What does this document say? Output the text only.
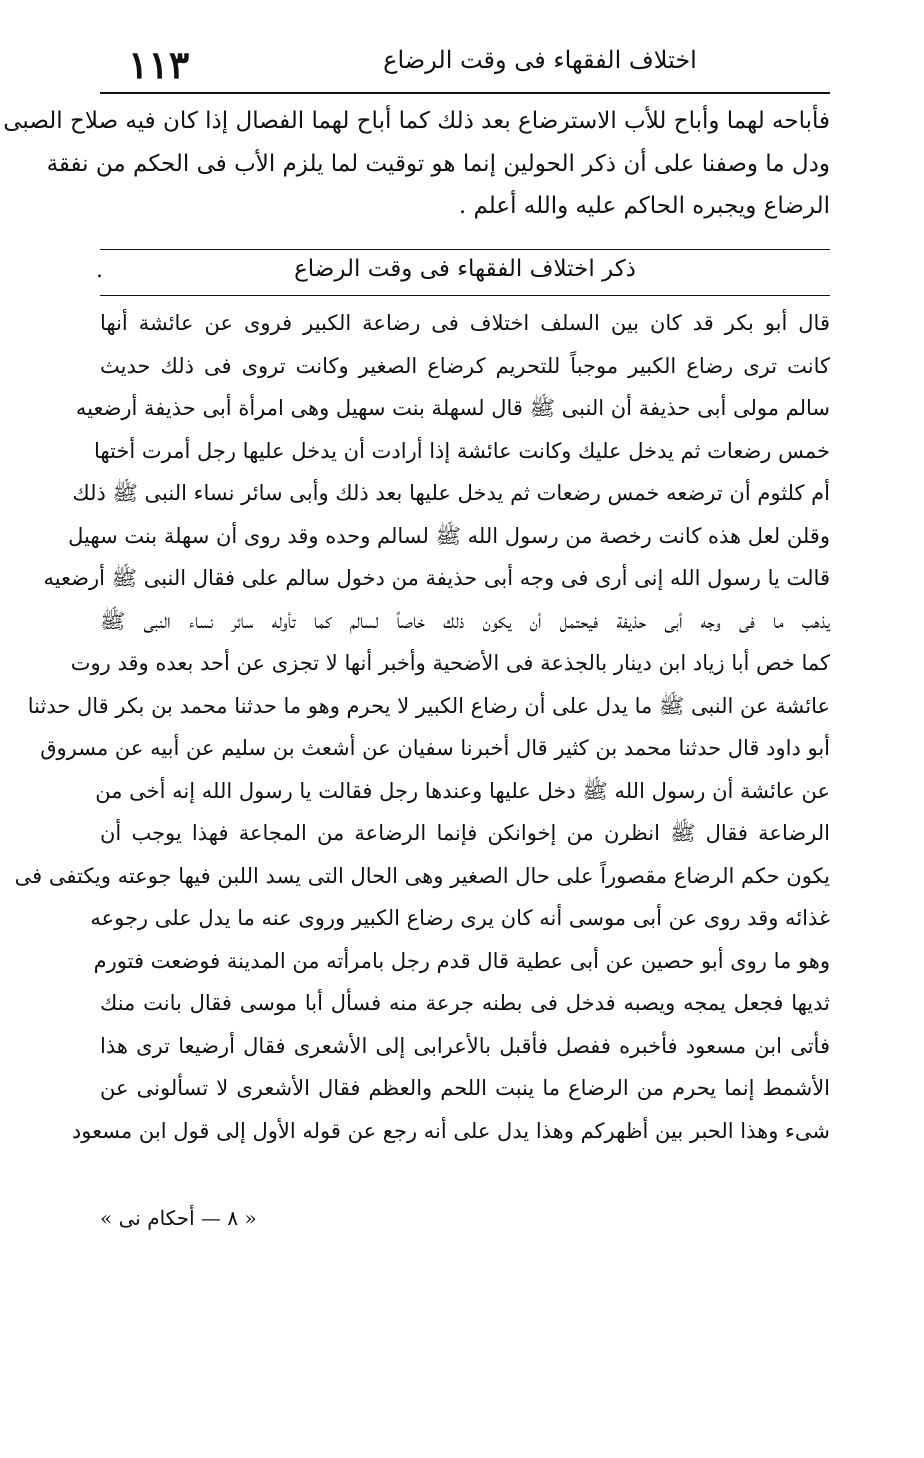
١١٣	اختلاف الفقهاء فى وقت الرضاع
فأباحه لهما وأباح للأب الاسترضاع بعد ذلك كما أباح لهما الفصال إذا كان فيه صلاح الصبى
ودل ما وصفنا على أن ذكر الحولين إنما هو توقيت لما يلزم الأب فى الحكم من نفقة
الرضاع ويجبره الحاكم عليه والله أعلم .
.	ذكر اختلاف الفقهاء فى وقت الرضاع
قال أبو بكر قد كان بين السلف اختلاف فى رضاعة الكبير فروى عن عائشة أنها
كانت ترى رضاع الكبير موجباً للتحريم كرضاع الصغير وكانت تروى فى ذلك حديث
سالم مولى أبى حذيفة أن النبى ﷺ قال لسهلة بنت سهيل وهى امرأة أبى حذيفة أرضعيه
خمس رضعات ثم يدخل عليك وكانت عائشة إذا أرادت أن يدخل عليها رجل أمرت أختها
أم كلثوم أن ترضعه خمس رضعات ثم يدخل عليها بعد ذلك وأبى سائر نساء النبى ﷺ ذلك
وقلن لعل هذه كانت رخصة من رسول الله ﷺ لسالم وحده وقد روى أن سهلة بنت سهيل
قالت يا رسول الله إنى أرى فى وجه أبى حذيفة من دخول سالم على فقال النبى ﷺ أرضعيه
يذهب ما فى وجه أبى حذيفة فيحتمل أن يكون ذلك خاصاً لسالم كما تأوله سائر نساء النبى ﷺ
كما خص أبا زياد ابن دينار بالجذعة فى الأضحية وأخبر أنها لا تجزى عن أحد بعده وقد روت
عائشة عن النبى ﷺ ما يدل على أن رضاع الكبير لا يحرم وهو ما حدثنا محمد بن بكر قال حدثنا
أبو داود قال حدثنا محمد بن كثير قال أخبرنا سفيان عن أشعث بن سليم عن أبيه عن مسروق
عن عائشة أن رسول الله ﷺ دخل عليها وعندها رجل فقالت يا رسول الله إنه أخى من
الرضاعة فقال ﷺ انظرن من إخوانكن فإنما الرضاعة من المجاعة فهذا يوجب أن
يكون حكم الرضاع مقصوراً على حال الصغير وهى الحال التى يسد اللبن فيها جوعته ويكتفى فى
غذائه وقد روى عن أبى موسى أنه كان يرى رضاع الكبير وروى عنه ما يدل على رجوعه
وهو ما روى أبو حصين عن أبى عطية قال قدم رجل بامرأته من المدينة فوضعت فتورم
ثديها فجعل يمجه ويصبه فدخل فى بطنه جرعة منه فسأل أبا موسى فقال بانت منك
فأتى ابن مسعود فأخبره ففصل فأقبل بالأعرابى إلى الأشعرى فقال أرضيعا ترى هذا
الأشمط إنما يحرم من الرضاع ما ينبت اللحم والعظم فقال الأشعرى لا تسألونى عن
شىء وهذا الحبر بين أظهركم وهذا يدل على أنه رجع عن قوله الأول إلى قول ابن مسعود
« ٨ — أحكام نى »
